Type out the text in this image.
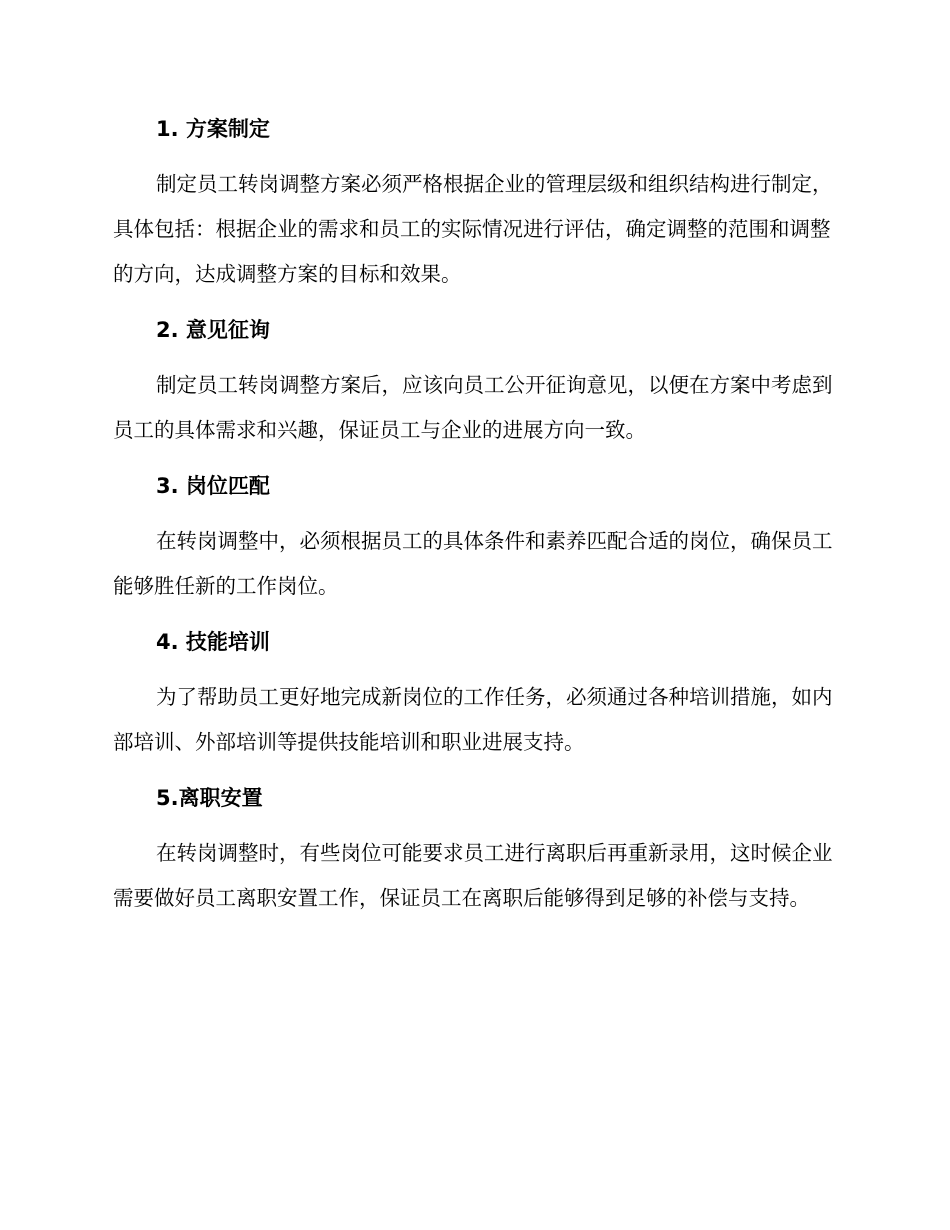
1. 方案制定

制定员工转岗调整方案必须严格根据企业的管理层级和组织结构进行制定，具体包括：根据企业的需求和员工的实际情况进行评估，确定调整的范围和调整的方向，达成调整方案的目标和效果。

2. 意见征询

制定员工转岗调整方案后，应该向员工公开征询意见，以便在方案中考虑到员工的具体需求和兴趣，保证员工与企业的进展方向一致。

3. 岗位匹配

在转岗调整中，必须根据员工的具体条件和素养匹配合适的岗位，确保员工能够胜任新的工作岗位。

4. 技能培训

为了帮助员工更好地完成新岗位的工作任务，必须通过各种培训措施，如内部培训、外部培训等提供技能培训和职业进展支持。

5.离职安置

在转岗调整时，有些岗位可能要求员工进行离职后再重新录用，这时候企业需要做好员工离职安置工作，保证员工在离职后能够得到足够的补偿与支持。
